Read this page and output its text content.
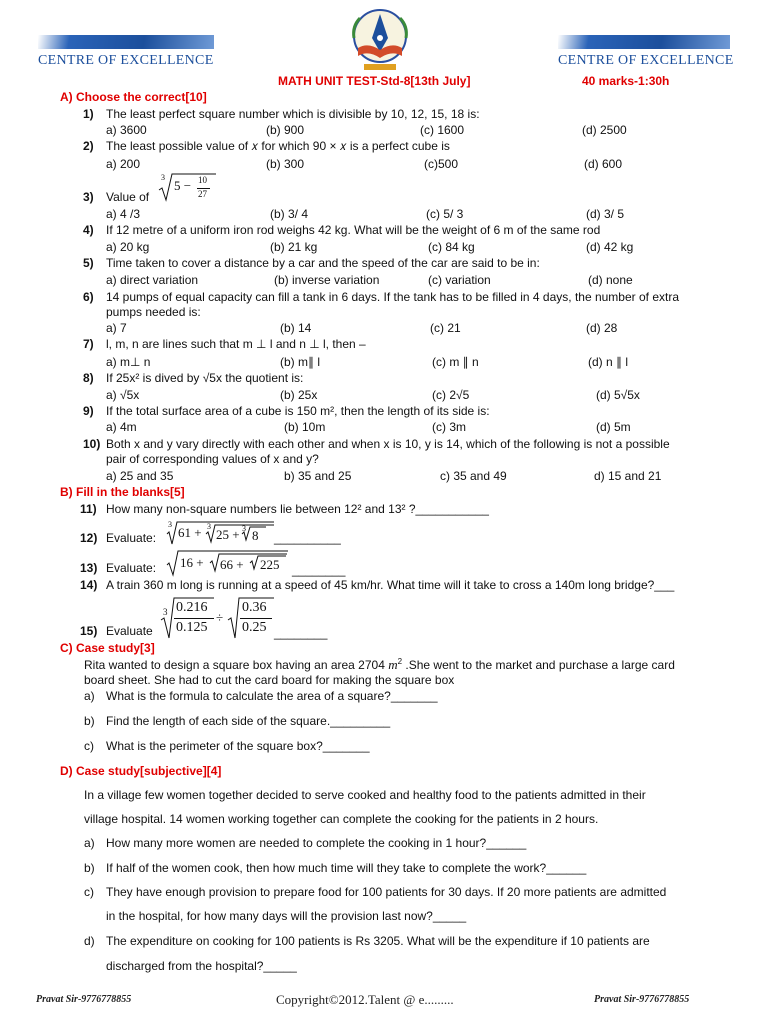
CENTRE OF EXCELLENCE	CENTRE OF EXCELLENCE
MATH UNIT TEST-Std-8[13th July]	40 marks-1:30h
A) Choose the correct[10]
1) The least perfect square number which is divisible by 10, 12, 15, 18 is:
a) 3600	(b) 900	(c) 1600	(d) 2500
2) The least possible value of 𝑥 for which 90 × 𝑥 is a perfect cube is
a) 200	(b) 300	(c)500	(d) 600
3) Value of
3
5 − 10
27
a) 4 /3	(b) 3/ 4	(c) 5/ 3	(d) 3/ 5
4) If 12 metre of a uniform iron rod weighs 42 kg. What will be the weight of 6 m of the same rod
a) 20 kg	(b) 21 kg	(c) 84 kg	(d) 42 kg
5) Time taken to cover a distance by a car and the speed of the car are said to be in:
a) direct variation	(b) inverse variation	(c) variation	(d) none
6) 14 pumps of equal capacity can fill a tank in 6 days. If the tank has to be filled in 4 days, the number of extra
pumps needed is:
a) 7	(b) 14	(c) 21	(d) 28
7) l, m, n are lines such that m ⊥ l and n ⊥ l, then –
a) m⊥ n	(b) m∥ l	(c) m ∥ n	(d) n ∥ l
8) If 25x² is dived by √5x the quotient is:
a) √5x	(b) 25x	(c) 2√5	(d) 5√5x
9) If the total surface area of a cube is 150 m², then the length of its side is:
a) 4m	(b) 10m	(c) 3m	(d) 5m
10) Both x and y vary directly with each other and when x is 10, y is 14, which of the following is not a possible
pair of corresponding values of x and y?
a) 25 and 35	b) 35 and 25	c) 35 and 49	d) 15 and 21
B) Fill in the blanks[5]
11) How many non-square numbers lie between 12² and 13² ?___________
12) Evaluate:
3
61 + 3
25 + 3 8 __________
13) Evaluate: 16 + 66 + 225 ________
14) A train 360 m long is running at a speed of 45 km/hr. What time will it take to cross a 140m long bridge?___
15) Evaluate
3 0.216
0.125
÷
0.36
0.25 ________
C) Case study[3]
Rita wanted to design a square box having an area 2704 $m^2$ .She went to the market and purchase a large card
board sheet. She had to cut the card board for making the square box
a) What is the formula to calculate the area of a square?_______
b) Find the length of each side of the square._________
c) What is the perimeter of the square box?_______
D) Case study[subjective][4]
In a village few women together decided to serve cooked and healthy food to the patients admitted in their
village hospital. 14 women working together can complete the cooking for the patients in 2 hours.
a) How many more women are needed to complete the cooking in 1 hour?______
b) If half of the women cook, then how much time will they take to complete the work?______
c) They have enough provision to prepare food for 100 patients for 30 days. If 20 more patients are admitted
in the hospital, for how many days will the provision last now?_____
d) The expenditure on cooking for 100 patients is Rs 3205. What will be the expenditure if 10 patients are
discharged from the hospital?_____
Pravat Sir-9776778855	Copyright©2012.Talent @ e.........	Pravat Sir-9776778855
